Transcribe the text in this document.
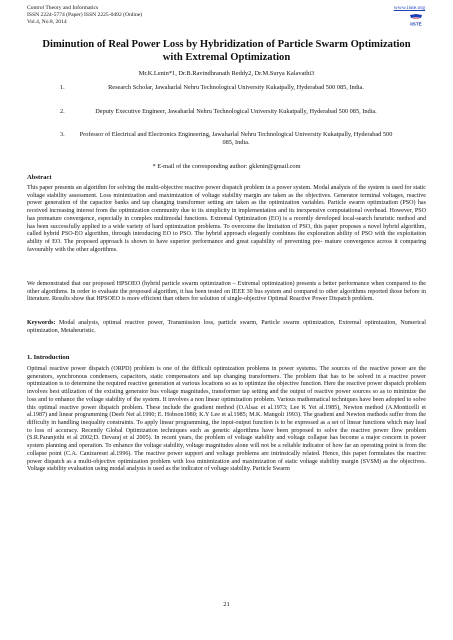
Control Theory and Informatics
ISSN 2224-5774 (Paper) ISSN 2225-0492 (Online)
Vol.4, No.8, 2014
www.iiste.org
IISTE
Diminution of Real Power Loss by Hybridization of Particle Swarm Optimization with Extremal Optimization
Mr.K.Lenin*1, Dr.B.Ravindhranath Reddy2, Dr.M.Surya Kalavathi3
1.	Research Scholar, Jawaharlal Nehru Technological University Kukatpally, Hyderabad 500 085, India.
2.	Deputy Executive Engineer, Jawaharlal Nehru Technological University Kukatpally, Hyderabad 500 085, India.
3.	Professor of Electrical and Electronics Engineering, Jawaharlal Nehru Technological University Kukatpally, Hyderabad 500 085, India.
* E-mail of the corresponding author: gklenin@gmail.com
Abstract

This paper presents an algorithm for solving the multi-objective reactive power dispatch problem in a power system. Modal analysis of the system is used for static voltage stability assessment. Loss minimization and maximization of voltage stability margin are taken as the objectives. Generator terminal voltages, reactive power generation of the capacitor banks and tap changing transformer setting are taken as the optimization variables. Particle swarm optimization (PSO) has received increasing interest from the optimization community due to its simplicity in implementation and its inexpensive computational overhead. However, PSO has premature convergence, especially in complex multimodal functions. Extremal Optimization (EO) is a recently developed local-search heuristic method and has been successfully applied to a wide variety of hard optimization problems. To overcome the limitation of PSO, this paper proposes a novel hybrid algorithm, called hybrid PSO-EO algorithm, through introducing EO to PSO. The hybrid approach elegantly combines the exploration ability of PSO with the exploitation ability of EO. The proposed approach is shown to have superior performance and great capability of preventing pre- mature convergence across it comparing favourably with the other algorithms.

We demonstrated that our proposed HPSOEO (hybrid particle swarm optimization – Extremal optimization) presents a better performance when compared to the other algorithms. In order to evaluate the proposed algorithm, it has been tested on IEEE 30 bus system and compared to other algorithms reported those before in literature. Results show that HPSOEO is more efficient than others for solution of single-objective Optimal Reactive Power Dispatch problem.

Keywords: Modal analysis, optimal reactive power, Transmission loss, particle swarm, Particle swarm optimization, Extremal optimization, Numerical optimization, Metaheuristic.

1. Introduction

Optimal reactive power dispatch (ORPD) problem is one of the difficult optimization problems in power systems. The sources of the reactive power are the generators, synchronous condensers, capacitors, static compensators and tap changing transformers. The problem that has to be solved in a reactive power optimization is to determine the required reactive generation at various locations so as to optimize the objective function. Here the reactive power dispatch problem involves best utilization of the existing generator bus voltage magnitudes, transformer tap setting and the output of reactive power sources so as to minimize the loss and to enhance the voltage stability of the system. It involves a non linear optimization problem. Various mathematical techniques have been adopted to solve this optimal reactive power dispatch problem. These include the gradient method (O.Alsac et al.1973; Lee K Yet al.1985), Newton method (A.Monticelli et al.1987) and linear programming (Deeb Net al.1990; E. Hobson1980; K.Y Lee et al.1985; M.K. Mangoli 1993). The gradient and Newton methods suffer from the difficulty in handling inequality constraints. To apply linear programming, the input-output function is to be expressed as a set of linear functions which may lead to loss of accuracy. Recently Global Optimization techniques such as genetic algorithms have been proposed to solve the reactive power flow problem (S.R.Paranjothi et al 2002;D. Devaraj et al 2005). In recent years, the problem of voltage stability and voltage collapse has become a major concern in power system planning and operation. To enhance the voltage stability, voltage magnitudes alone will not be a reliable indicator of how far an operating point is from the collapse point (C.A. Canizareset al.1996). The reactive power support and voltage problems are intrinsically related. Hence, this paper formulates the reactive power dispatch as a multi-objective optimization problem with loss minimization and maximization of static voltage stability margin (SVSM) as the objectives. Voltage stability evaluation using modal analysis is used as the indicator of voltage stability. Particle Swarm

21
